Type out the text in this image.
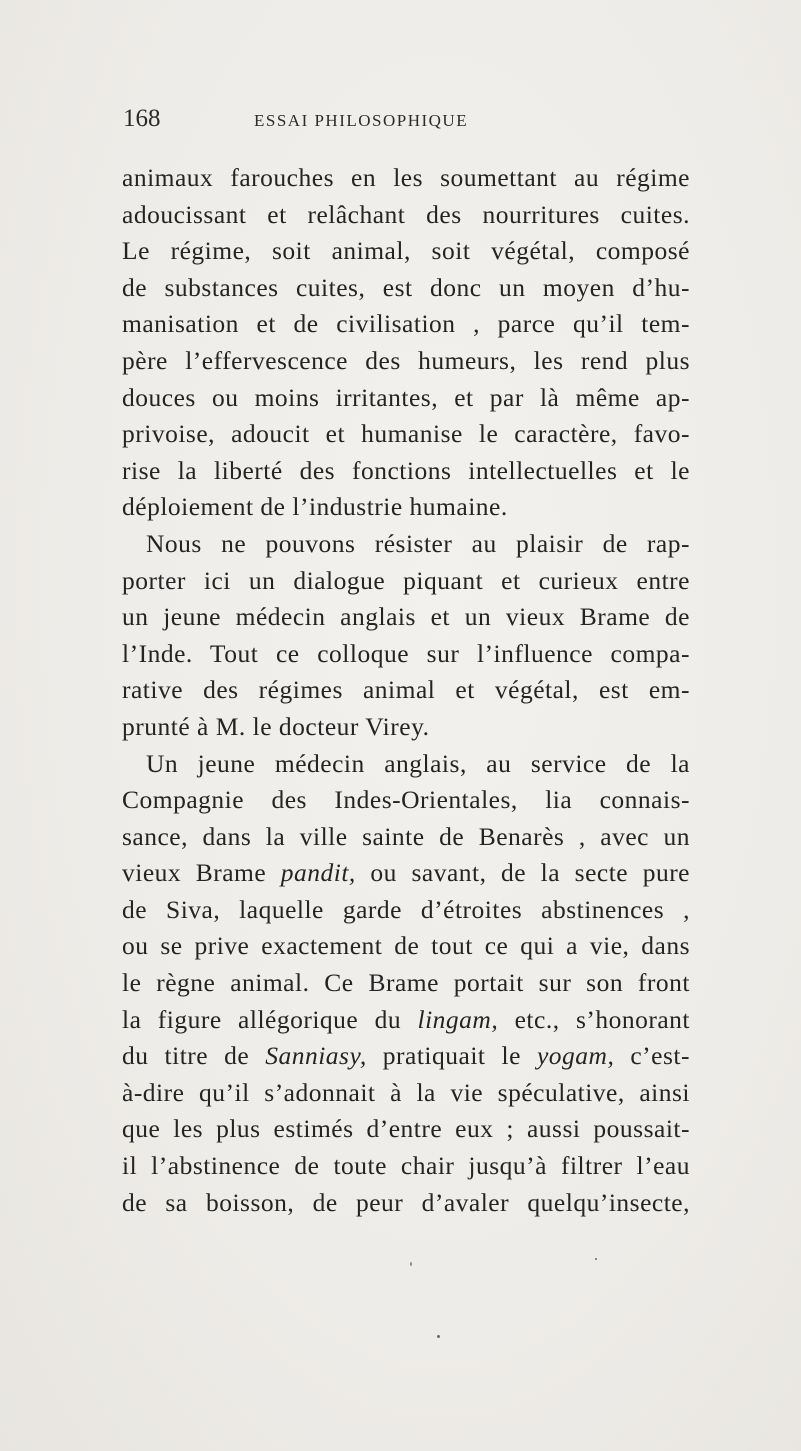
168	ESSAI PHILOSOPHIQUE
animaux farouches en les soumettant au régime
adoucissant et relâchant des nourritures cuites.
Le régime, soit animal, soit végétal, composé
de substances cuites, est donc un moyen d’hu-
manisation et de civilisation , parce qu’il tem-
père l’effervescence des humeurs, les rend plus
douces ou moins irritantes, et par là même ap-
privoise, adoucit et humanise le caractère, favo-
rise la liberté des fonctions intellectuelles et le
déploiement de l’industrie humaine.
Nous ne pouvons résister au plaisir de rap-
porter ici un dialogue piquant et curieux entre
un jeune médecin anglais et un vieux Brame de
l’Inde. Tout ce colloque sur l’influence compa-
rative des régimes animal et végétal, est em-
prunté à M. le docteur Virey.
Un jeune médecin anglais, au service de la
Compagnie des Indes-Orientales, lia connais-
sance, dans la ville sainte de Benarès , avec un
vieux Brame pandit, ou savant, de la secte pure
de Siva, laquelle garde d’étroites abstinences ,
ou se prive exactement de tout ce qui a vie, dans
le règne animal. Ce Brame portait sur son front
la figure allégorique du lingam, etc., s’honorant
du titre de Sanniasy, pratiquait le yogam, c’est-
à-dire qu’il s’adonnait à la vie spéculative, ainsi
que les plus estimés d’entre eux ; aussi poussait-
il l’abstinence de toute chair jusqu’à filtrer l’eau
de sa boisson, de peur d’avaler quelqu’insecte,
